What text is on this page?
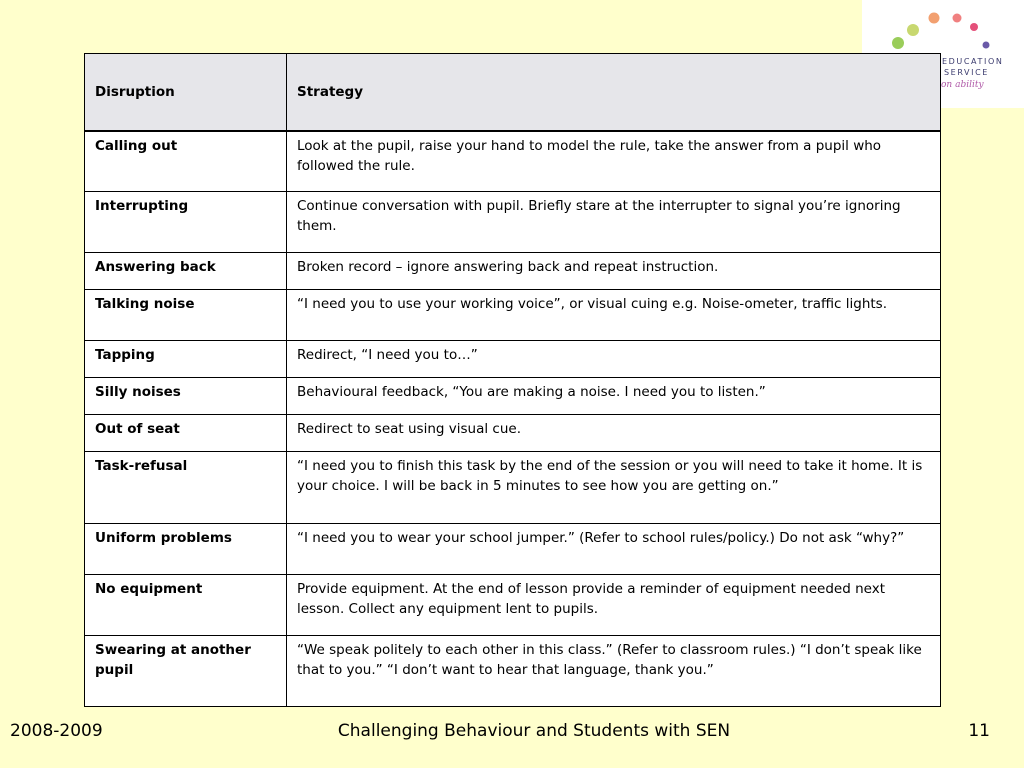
EDUCATION
SERVICE
on ability
Disruption	Strategy
Calling out	Look at the pupil, raise your hand to model the rule, take the answer from a pupil who followed the rule.
Interrupting	Continue conversation with pupil. Briefly stare at the interrupter to signal you’re ignoring them.
Answering back	Broken record – ignore answering back and repeat instruction.
Talking noise	“I need you to use your working voice”, or visual cuing e.g. Noise-ometer, traffic lights.
Tapping	Redirect, “I need you to…”
Silly noises	Behavioural feedback, “You are making a noise. I need you to listen.”
Out of seat	Redirect to seat using visual cue.
Task-refusal	“I need you to finish this task by the end of the session or you will need to take it home. It is your choice. I will be back in 5 minutes to see how you are getting on.”
Uniform problems	“I need you to wear your school jumper.” (Refer to school rules/policy.) Do not ask “why?”
No equipment	Provide equipment. At the end of lesson provide a reminder of equipment needed next lesson. Collect any equipment lent to pupils.
Swearing at another pupil	“We speak politely to each other in this class.” (Refer to classroom rules.) “I don’t speak like that to you.” “I don’t want to hear that language, thank you.”
2008-2009	Challenging Behaviour and Students with SEN	11
